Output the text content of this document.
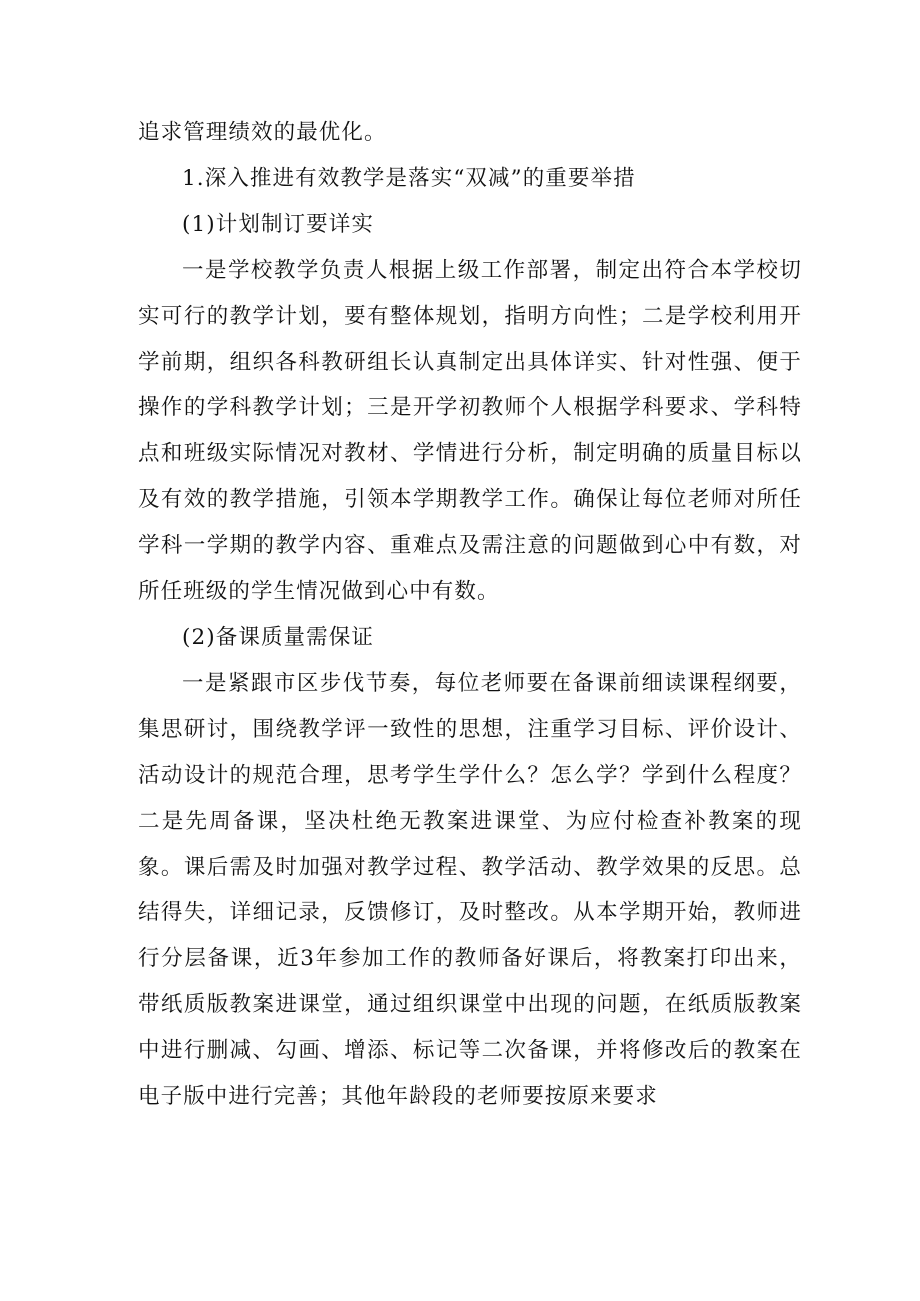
追求管理绩效的最优化。

1.深入推进有效教学是落实“双减”的重要举措

(1)计划制订要详实

一是学校教学负责人根据上级工作部署，制定出符合本学校切实可行的教学计划，要有整体规划，指明方向性；二是学校利用开学前期，组织各科教研组长认真制定出具体详实、针对性强、便于操作的学科教学计划；三是开学初教师个人根据学科要求、学科特点和班级实际情况对教材、学情进行分析，制定明确的质量目标以及有效的教学措施，引领本学期教学工作。确保让每位老师对所任学科一学期的教学内容、重难点及需注意的问题做到心中有数，对所任班级的学生情况做到心中有数。

(2)备课质量需保证

一是紧跟市区步伐节奏，每位老师要在备课前细读课程纲要，集思研讨，围绕教学评一致性的思想，注重学习目标、评价设计、活动设计的规范合理，思考学生学什么？怎么学？学到什么程度？二是先周备课，坚决杜绝无教案进课堂、为应付检查补教案的现象。课后需及时加强对教学过程、教学活动、教学效果的反思。总结得失，详细记录，反馈修订，及时整改。从本学期开始，教师进行分层备课，近3年参加工作的教师备好课后，将教案打印出来，带纸质版教案进课堂，通过组织课堂中出现的问题，在纸质版教案中进行删减、勾画、增添、标记等二次备课，并将修改后的教案在电子版中进行完善；其他年龄段的老师要按原来要求
